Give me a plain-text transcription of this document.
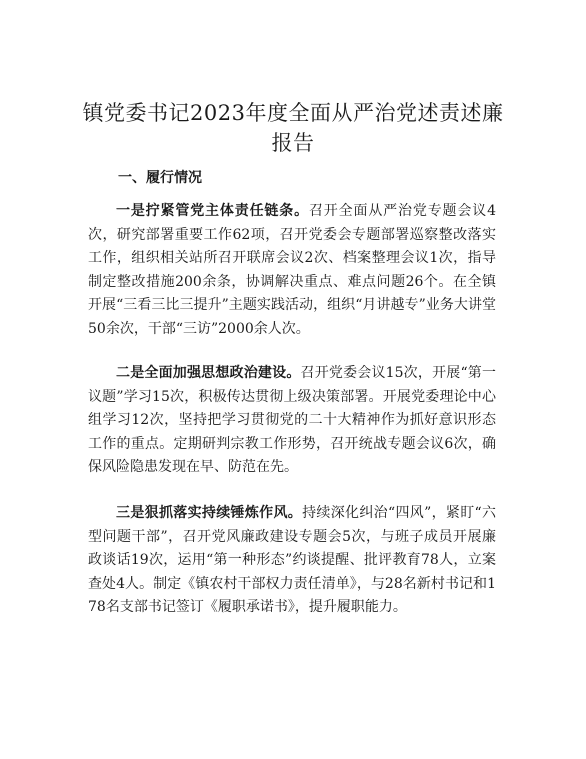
镇党委书记2023年度全面从严治党述责述廉报告
一、履行情况

一是拧紧管党主体责任链条。召开全面从严治党专题会议4次，研究部署重要工作62项，召开党委会专题部署巡察整改落实工作，组织相关站所召开联席会议2次、档案整理会议1次，指导制定整改措施200余条，协调解决重点、难点问题26个。在全镇开展“三看三比三提升”主题实践活动，组织“月讲越专”业务大讲堂50余次，干部“三访”2000余人次。

二是全面加强思想政治建设。召开党委会议15次，开展“第一议题”学习15次，积极传达贯彻上级决策部署。开展党委理论中心组学习12次，坚持把学习贯彻党的二十大精神作为抓好意识形态工作的重点。定期研判宗教工作形势，召开统战专题会议6次，确保风险隐患发现在早、防范在先。

三是狠抓落实持续锤炼作风。持续深化纠治“四风”，紧盯“六型问题干部”，召开党风廉政建设专题会5次，与班子成员开展廉政谈话19次，运用“第一种形态”约谈提醒、批评教育78人，立案查处4人。制定《镇农村干部权力责任清单》，与28名新村书记和178名支部书记签订《履职承诺书》，提升履职能力。
